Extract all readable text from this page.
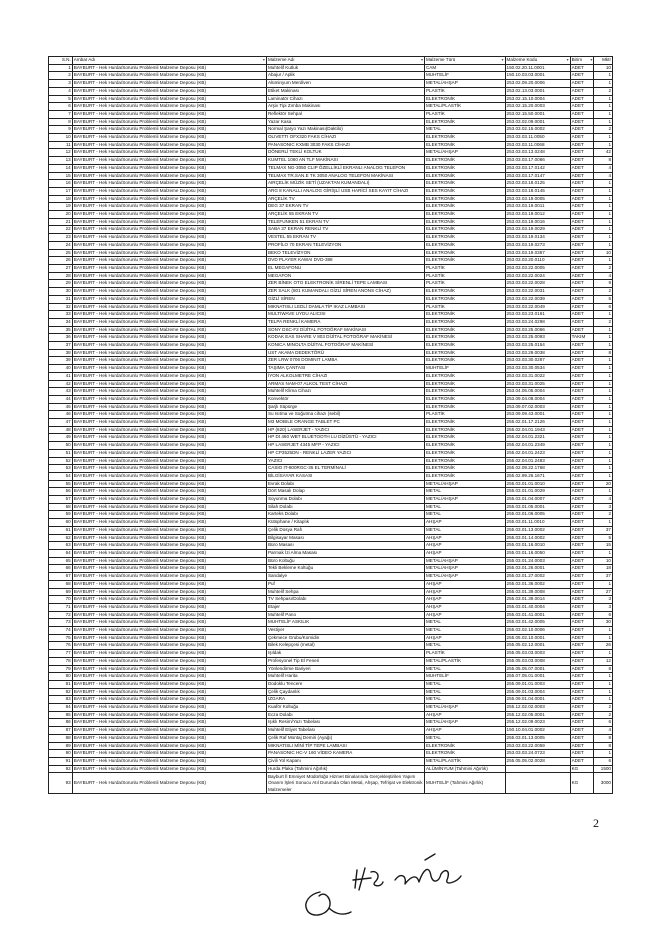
S.N.	Ambar Adı ▾	Malzeme Adı ▾	Malzeme Türü ▾	Malzeme Kodu ▾	Birim ▾	Mktr
1	BAYBURT - Hek Hurda/Sorunlu Problemli Malzeme Deposu (KB)	Muhtelif Kutluk	CAM	150.02.20.11.0001	ADET	10
2	BAYBURT - Hek Hurda/Sorunlu Problemli Malzeme Deposu (KB)	Abajur / Aplik	MUHTELİF	150.10.03.03.0001	ADET	1
3	BAYBURT - Hek Hurda/Sorunlu Problemli Malzeme Deposu (KB)	Alüminyum Merdiven	METAL/AHŞAP	253.02.09.20.0006	ADET	1
4	BAYBURT - Hek Hurda/Sorunlu Problemli Malzeme Deposu (KB)	Etiket Makinası	PLASTİK	253.02.13.03.0001	ADET	2
5	BAYBURT - Hek Hurda/Sorunlu Problemli Malzeme Deposu (KB)	Laminatör Cihazı	ELEKTRONİK	253.02.15.10.0004	ADET	1
6	BAYBURT - Hek Hurda/Sorunlu Problemli Malzeme Deposu (KB)	Arşiv Tipi Zımba Makinası	METAL/PLASTİK	253.02.15.20.0003	ADET	1
7	BAYBURT - Hek Hurda/Sorunlu Problemli Malzeme Deposu (KB)	Reflektör Sehpal	PLASTİK	253.02.15.50.0001	ADET	1
8	BAYBURT - Hek Hurda/Sorunlu Problemli Malzeme Deposu (KB)	Yazar Kasa	ELEKTRONİK	253.03.02.09.0001	ADET	1
9	BAYBURT - Hek Hurda/Sorunlu Problemli Malzeme Deposu (KB)	Normal Şaryo Yazı Makinası(Daktilo)	METAL	253.03.02.15.0002	ADET	2
10	BAYBURT - Hek Hurda/Sorunlu Problemli Malzeme Deposu (KB)	OLIVETTI OFX320 FAKS CİHAZI	ELEKTRONİK	253.03.03.11.0050	ADET	1
11	BAYBURT - Hek Hurda/Sorunlu Problemli Malzeme Deposu (KB)	PANASONIC KXMB 3030 FAKS CİHAZI	ELEKTRONİK	253.03.03.11.0068	ADET	1
12	BAYBURT - Hek Hurda/Sorunlu Problemli Malzeme Deposu (KB)	DÖNERLİ TEKLİ KOLTUK	METAL/AHŞAP	253.03.03.13.0248	ADET	42
13	BAYBURT - Hek Hurda/Sorunlu Problemli Malzeme Deposu (KB)	KUMTEL 1060 AN TLF MAKİNASI	ELEKTRONİK	253.03.03.17.0066	ADET	8
14	BAYBURT - Hek Hurda/Sorunlu Problemli Malzeme Deposu (KB)	TELMAX NG-3050 CLIP ÖZELLİKLİ EKRANLI ANALOG TELEFON	ELEKTRONİK	253.03.03.17.0142	ADET	4
15	BAYBURT - Hek Hurda/Sorunlu Problemli Malzeme Deposu (KB)	TELMAX TR.SAN.E TK 3050 ANALOG TELEFON MAKİNASI	ELEKTRONİK	253.03.03.17.0147	ADET	4
16	BAYBURT - Hek Hurda/Sorunlu Problemli Malzeme Deposu (KB)	AIRÇELİK MÜZİK SETİ (UZAKTAN KUMANDALI)	ELEKTRONİK	253.03.03.18.0125	ADET	1
17	BAYBURT - Hek Hurda/Sorunlu Problemli Malzeme Deposu (KB)	ARG 8 KANALLI ANALOG GİRİŞLİ USB HARİCİ SES KAYIT CİHAZI	ELEKTRONİK	253.03.03.18.0145	ADET	1
18	BAYBURT - Hek Hurda/Sorunlu Problemli Malzeme Deposu (KB)	ARÇELİK TV	ELEKTRONİK	253.03.03.19.0005	ADET	1
19	BAYBURT - Hek Hurda/Sorunlu Problemli Malzeme Deposu (KB)	DEG 37 EKRAN TV	ELEKTRONİK	253.03.03.19.0011	ADET	1
20	BAYBURT - Hek Hurda/Sorunlu Problemli Malzeme Deposu (KB)	ARÇELİK 55 EKRAN TV	ELEKTRONİK	253.03.03.19.0012	ADET	1
21	BAYBURT - Hek Hurda/Sorunlu Problemli Malzeme Deposu (KB)	TELEFUNKEN 51 EKRAN TV	ELEKTRONİK	253.03.03.19.0016	ADET	1
22	BAYBURT - Hek Hurda/Sorunlu Problemli Malzeme Deposu (KB)	SABA 37 EKRAN RENKLİ TV	ELEKTRONİK	253.03.03.19.0029	ADET	1
23	BAYBURT - Hek Hurda/Sorunlu Problemli Malzeme Deposu (KB)	VESTEL 55 EKRAN TV	ELEKTRONİK	253.03.03.19.0134	ADET	1
24	BAYBURT - Hek Hurda/Sorunlu Problemli Malzeme Deposu (KB)	PROFİLO 70 EKRAN TELEVİZYON	ELEKTRONİK	253.03.03.19.0273	ADET	1
25	BAYBURT - Hek Hurda/Sorunlu Problemli Malzeme Deposu (KB)	BEKO TELEVİZYON	ELEKTRONİK	253.03.03.19.0367	ADET	10
26	BAYBURT - Hek Hurda/Sorunlu Problemli Malzeme Deposu (KB)	DVD PLAYER KAWAI DVD-388	ELEKTRONİK	253.03.03.20.0110	ADET	1
27	BAYBURT - Hek Hurda/Sorunlu Problemli Malzeme Deposu (KB)	EL MEGAFONU	PLASTİK	253.03.03.22.0005	ADET	2
28	BAYBURT - Hek Hurda/Sorunlu Problemli Malzeme Deposu (KB)	MEGAFON	PLASTİK	253.03.03.22.0024	ADET	4
29	BAYBURT - Hek Hurda/Sorunlu Problemli Malzeme Deposu (KB)	ZER BİNEK OTO ELEKTRONİK SİRENLİ TEPE LAMBASI	PLASTİK	253.03.03.22.0028	ADET	9
30	BAYBURT - Hek Hurda/Sorunlu Problemli Malzeme Deposu (KB)	ZER SALK (801 KUMANDALI GİZLİ SİREN ANONS CİHAZ)	ELEKTRONİK	253.03.03.22.0031	ADET	2
31	BAYBURT - Hek Hurda/Sorunlu Problemli Malzeme Deposu (KB)	GİZLİ SİREN	ELEKTRONİK	253.03.03.22.0039	ADET	5
32	BAYBURT - Hek Hurda/Sorunlu Problemli Malzeme Deposu (KB)	MIKNATISLI LEDLİ DAMLA TİP IKAZ LAMBASI	PLASTİK	253.03.03.22.0049	ADET	6
33	BAYBURT - Hek Hurda/Sorunlu Problemli Malzeme Deposu (KB)	MULTIWAVE UYDU ALICISI	ELEKTRONİK	253.03.03.23.0161	ADET	1
34	BAYBURT - Hek Hurda/Sorunlu Problemli Malzeme Deposu (KB)	TELPA RENKLİ KAMERA	ELEKTRONİK	253.03.03.24.0298	ADET	2
35	BAYBURT - Hek Hurda/Sorunlu Problemli Malzeme Deposu (KB)	SONY DSC-F2 DİJİTAL FOTOĞRAF MAKİNASI	ELEKTRONİK	253.03.03.25.0066	ADET	1
36	BAYBURT - Hek Hurda/Sorunlu Problemli Malzeme Deposu (KB)	KODAK EAS SHARE V 803 DİJİTAL FOTOĞRAF MAKİNESİ	ELEKTRONİK	253.03.03.25.0093	TAKIM	1
37	BAYBURT - Hek Hurda/Sorunlu Problemli Malzeme Deposu (KB)	KONICA MINOLTA DİJİTAL FOTOĞRAF MAKİNESİ	ELEKTRONİK	253.03.03.25.0154	ADET	1
38	BAYBURT - Hek Hurda/Sorunlu Problemli Malzeme Deposu (KB)	UST AKAMA DEDEKTÖRÜ	ELEKTRONİK	253.03.03.29.0038	ADET	8
39	BAYBURT - Hek Hurda/Sorunlu Problemli Malzeme Deposu (KB)	ZER LRW 0706 DOMINIT LAMBA	ELEKTRONİK	253.03.03.30.0287	ADET	1
40	BAYBURT - Hek Hurda/Sorunlu Problemli Malzeme Deposu (KB)	TAŞIMA ÇANTASI	MUHTELİF	253.03.03.30.0534	ADET	1
41	BAYBURT - Hek Hurda/Sorunlu Problemli Malzeme Deposu (KB)	İYON ALKOLMETRE CİHAZI	ELEKTRONİK	253.03.03.31.0022	ADET	1
42	BAYBURT - Hek Hurda/Sorunlu Problemli Malzeme Deposu (KB)	ARMAS NAM-07 ALKOL TEST CİHAZI	ELEKTRONİK	253.03.03.31.0025	ADET	1
43	BAYBURT - Hek Hurda/Sorunlu Problemli Malzeme Deposu (KB)	Muhtelif Klima Cihazı	ELEKTRONİK	253.04.05.05.0004	ADET	1
44	BAYBURT - Hek Hurda/Sorunlu Problemli Malzeme Deposu (KB)	Konvektör	ELEKTRONİK	253.09.04.08.0004	ADET	1
45	BAYBURT - Hek Hurda/Sorunlu Problemli Malzeme Deposu (KB)	Şarjlı Süpürge	ELEKTRONİK	253.09.07.02.0003	ADET	1
46	BAYBURT - Hek Hurda/Sorunlu Problemli Malzeme Deposu (KB)	Su Isıtma ve Soğutma cihazı (sebil)	PLASTİK	253.09.09.43.0001	ADET	1
47	BAYBURT - Hek Hurda/Sorunlu Problemli Malzeme Deposu (KB)	M3 MOBILE ORANGE TABLET PC	ELEKTRONİK	255.02.01.17.2126	ADET	1
48	BAYBURT - Hek Hurda/Sorunlu Problemli Malzeme Deposu (KB)	HP (620) LASERJET - YAZICI	ELEKTRONİK	255.02.04.01.1943	ADET	1
49	BAYBURT - Hek Hurda/Sorunlu Problemli Malzeme Deposu (KB)	HP Dt 460 WBT BLUETOOTH LU DİZÜSTÜ - YAZICI	ELEKTRONİK	255.02.04.01.2321	ADET	1
50	BAYBURT - Hek Hurda/Sorunlu Problemli Malzeme Deposu (KB)	HP LASERJET 4345 MFP - YAZICI	ELEKTRONİK	255.02.04.01.2349	ADET	1
51	BAYBURT - Hek Hurda/Sorunlu Problemli Malzeme Deposu (KB)	HP CP3525DN - RENKLİ LAZER YAZICI	ELEKTRONİK	255.02.04.01.2423	ADET	1
52	BAYBURT - Hek Hurda/Sorunlu Problemli Malzeme Deposu (KB)	YAZICI	ELEKTRONİK	255.02.04.01.2483	ADET	1
53	BAYBURT - Hek Hurda/Sorunlu Problemli Malzeme Deposu (KB)	CASIO IT-800RGC-35 EL TERMİNALİ	ELEKTRONİK	255.02.09.22.1768	ADET	1
54	BAYBURT - Hek Hurda/Sorunlu Problemli Malzeme Deposu (KB)	BİLGİSAYAR KASASI	ELEKTRONİK	255.02.99.26.1671	ADET	1
55	BAYBURT - Hek Hurda/Sorunlu Problemli Malzeme Deposu (KB)	Evrak Dolabı	METAL/AHŞAP	255.03.01.01.0010	ADET	20
56	BAYBURT - Hek Hurda/Sorunlu Problemli Malzeme Deposu (KB)	Dört Masalı Dolap	METAL	255.03.01.01.0029	ADET	1
57	BAYBURT - Hek Hurda/Sorunlu Problemli Malzeme Deposu (KB)	Soyunma Dolabı	METAL/AHŞAP	255.03.01.04.0007	ADET	4
58	BAYBURT - Hek Hurda/Sorunlu Problemli Malzeme Deposu (KB)	Silah Dolabı	METAL	255.03.01.05.0001	ADET	3
59	BAYBURT - Hek Hurda/Sorunlu Problemli Malzeme Deposu (KB)	Karteks Dolabı	METAL	255.03.01.06.0005	ADET	2
60	BAYBURT - Hek Hurda/Sorunlu Problemli Malzeme Deposu (KB)	Kütüphane / Kitaplık	AHŞAP	255.03.01.11.0010	ADET	1
61	BAYBURT - Hek Hurda/Sorunlu Problemli Malzeme Deposu (KB)	Çelik Dosya Rafı	METAL	255.03.01.13.0002	ADET	37
62	BAYBURT - Hek Hurda/Sorunlu Problemli Malzeme Deposu (KB)	Bilgisayar Masası	AHŞAP	255.03.01.14.0002	ADET	5
63	BAYBURT - Hek Hurda/Sorunlu Problemli Malzeme Deposu (KB)	Büro Masası	AHŞAP	255.03.01.16.0010	ADET	15
64	BAYBURT - Hek Hurda/Sorunlu Problemli Malzeme Deposu (KB)	Parmak İzi Alma Masası	AHŞAP	255.03.01.16.0050	ADET	1
65	BAYBURT - Hek Hurda/Sorunlu Problemli Malzeme Deposu (KB)	Büro Koltuğu	METAL/AHŞAP	255.03.01.24.0003	ADET	10
66	BAYBURT - Hek Hurda/Sorunlu Problemli Malzeme Deposu (KB)	Tekli Bekleme Koltuğu	METAL/AHŞAP	255.03.01.26.0001	ADET	18
67	BAYBURT - Hek Hurda/Sorunlu Problemli Malzeme Deposu (KB)	Sandalye	METAL/AHŞAP	255.03.01.27.0002	ADET	37
68	BAYBURT - Hek Hurda/Sorunlu Problemli Malzeme Deposu (KB)	Puf	AHŞAP	255.03.01.36.0002	ADET	1
69	BAYBURT - Hek Hurda/Sorunlu Problemli Malzeme Deposu (KB)	Muhtelif Sehpa	AHŞAP	255.03.01.39.0008	ADET	27
70	BAYBURT - Hek Hurda/Sorunlu Problemli Malzeme Deposu (KB)	TV Sehpası/Dolabı	AHŞAP	255.03.01.39.0014	ADET	3
71	BAYBURT - Hek Hurda/Sorunlu Problemli Malzeme Deposu (KB)	Etajer	AHŞAP	255.03.01.40.0004	ADET	3
72	BAYBURT - Hek Hurda/Sorunlu Problemli Malzeme Deposu (KB)	Muhtelif Pano	AHŞAP	255.03.01.41.0001	ADET	6
73	BAYBURT - Hek Hurda/Sorunlu Problemli Malzeme Deposu (KB)	MUHTELİF ASKILIK	METAL	255.03.01.42.0005	ADET	30
74	BAYBURT - Hek Hurda/Sorunlu Problemli Malzeme Deposu (KB)	Vestiyer	METAL	255.03.02.10.0006	ADET	1
75	BAYBURT - Hek Hurda/Sorunlu Problemli Malzeme Deposu (KB)	Çekmece Grubu/Komidin	AHŞAP	255.05.02.10.0001	ADET	1
76	BAYBURT - Hek Hurda/Sorunlu Problemli Malzeme Deposu (KB)	Bilek Kelepçesi (metal)	METAL	255.05.02.12.0001	ADET	26
77	BAYBURT - Hek Hurda/Sorunlu Problemli Malzeme Deposu (KB)	Işıldak	PLASTİK	255.05.03.03.0003	ADET	1
78	BAYBURT - Hek Hurda/Sorunlu Problemli Malzeme Deposu (KB)	Profesyonel Tip El Feneri	METAL/PLASTİK	255.05.03.03.0008	ADET	12
79	BAYBURT - Hek Hurda/Sorunlu Problemli Malzeme Deposu (KB)	Yönlendirme Bariyeri	METAL	255.05.05.07.0001	ADET	8
80	BAYBURT - Hek Hurda/Sorunlu Problemli Malzeme Deposu (KB)	Muhtelif Harita	MUHTELİF	255.07.05.01.0001	ADET	1
81	BAYBURT - Hek Hurda/Sorunlu Problemli Malzeme Deposu (KB)	Dodoklu Tencere	METAL	255.09.01.01.0003	ADET	1
82	BAYBURT - Hek Hurda/Sorunlu Problemli Malzeme Deposu (KB)	Çelik Çaydanlık	METAL	255.09.01.03.0004	ADET	1
83	BAYBURT - Hek Hurda/Sorunlu Problemli Malzeme Deposu (KB)	IZGARA	METAL	255.09.01.04.0001	ADET	1
84	BAYBURT - Hek Hurda/Sorunlu Problemli Malzeme Deposu (KB)	Kuaför Koltuğu	METAL/AHŞAP	255.12.02.02.0003	ADET	2
85	BAYBURT - Hek Hurda/Sorunlu Problemli Malzeme Deposu (KB)	Ecza Dolabı	AHŞAP	255.12.02.05.0001	ADET	2
86	BAYBURT - Hek Hurda/Sorunlu Problemli Malzeme Deposu (KB)	Işıklı Resim/Yazı Tabelası	METAL/AHŞAP	255.12.02.09.0023	ADET	6
87	BAYBURT - Hek Hurda/Sorunlu Problemli Malzeme Deposu (KB)	Muhtelif Etiyet Tabelası	AHŞAP	150.10.04.01.0002	ADET	4
88	BAYBURT - Hek Hurda/Sorunlu Problemli Malzeme Deposu (KB)	Çelik Raf Montaj Demiri (Ayağı)	METAL	255.03.01.13.0005	ADET	8
89	BAYBURT - Hek Hurda/Sorunlu Problemli Malzeme Deposu (KB)	MIKNATISLI MİNİ TİP TEPE LAMBASI	ELEKTRONİK	253.03.03.22.0059	ADET	8
90	BAYBURT - Hek Hurda/Sorunlu Problemli Malzeme Deposu (KB)	PANASONIC HC-V 160 VİDEO KAMERA	ELEKTRONİK	253.03.03.24.0723	ADET	1
91	BAYBURT - Hek Hurda/Sorunlu Problemli Malzeme Deposu (KB)	Çivili Yol Kapanı	METAL/PLASTİK	255.05.05.02.0028	ADET	6
92	BAYBURT - Hek Hurda/Sorunlu Problemli Malzeme Deposu (KB)	Hurda Plaka (Tahmini Ağırlık)	ALÜMİNYUM (Tahmini Ağırlık)		KG	1500
93	BAYBURT - Hek Hurda/Sorunlu Problemli Malzeme Deposu (KB)	Bayburt İl Emniyet Müdürlüğü Hizmet Binalarında Gerçekleştirilen Yapım Onarım İşleri Sonucu Atıl Durumda Olan Metal, Ahşap, Tefrişat ve Elektronik Malzemeler	MUHTELİF (Tahmini Ağırlık)		KG	3000
2
